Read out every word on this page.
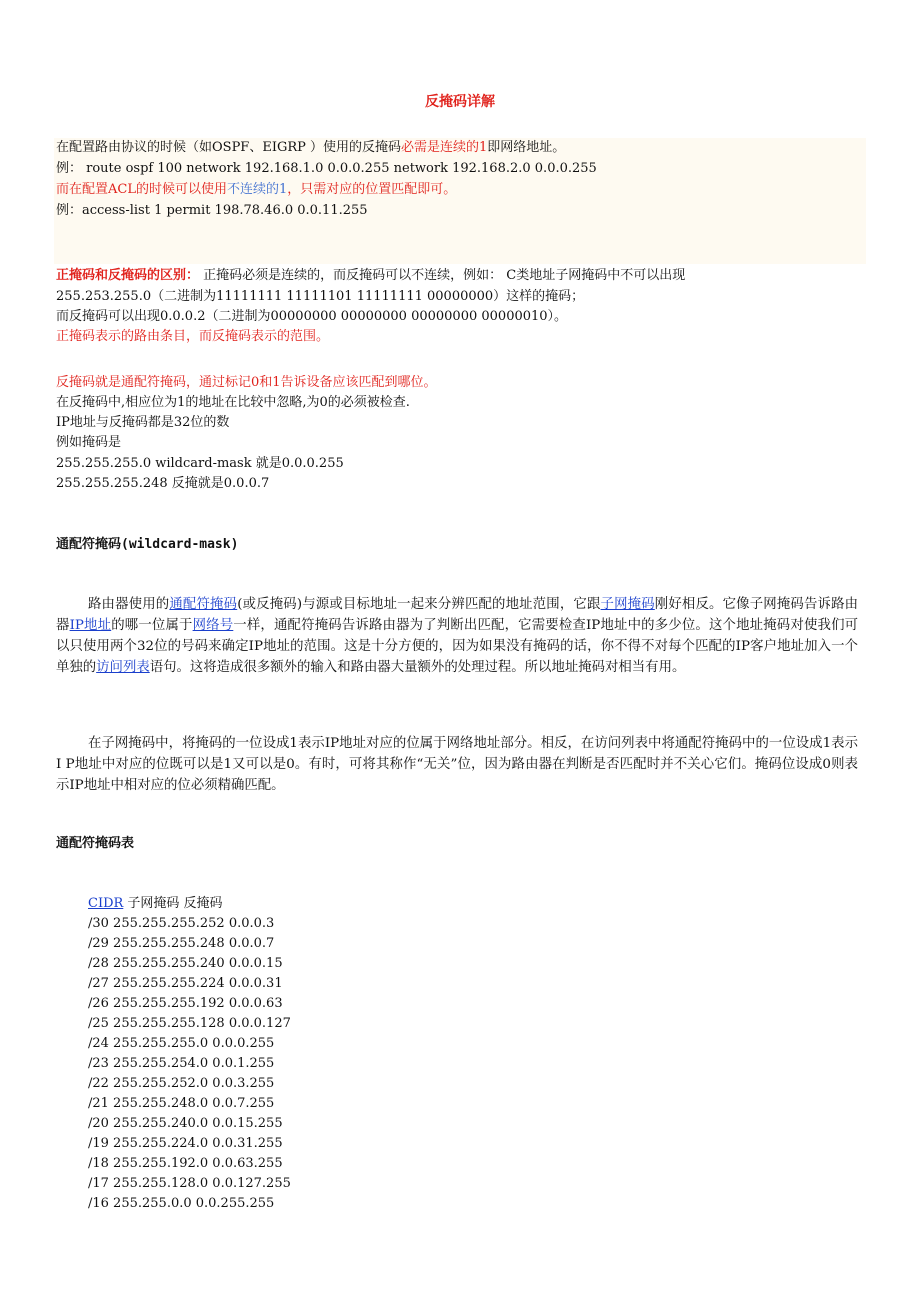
反掩码详解
在配置路由协议的时候（如OSPF、EIGRP ）使用的反掩码必需是连续的1即网络地址。
例： route ospf 100 network 192.168.1.0 0.0.0.255 network 192.168.2.0 0.0.0.255
而在配置ACL的时候可以使用不连续的1，只需对应的位置匹配即可。
例：access-list 1 permit 198.78.46.0 0.0.11.255
正掩码和反掩码的区别： 正掩码必须是连续的，而反掩码可以不连续，例如： C类地址子网掩码中不可以出现
255.253.255.0（二进制为11111111 11111101 11111111 00000000）这样的掩码；
而反掩码可以出现0.0.0.2（二进制为00000000 00000000 00000000 00000010）。
正掩码表示的路由条目，而反掩码表示的范围。
反掩码就是通配符掩码，通过标记0和1告诉设备应该匹配到哪位。
在反掩码中,相应位为1的地址在比较中忽略,为0的必须被检查.
IP地址与反掩码都是32位的数
例如掩码是
255.255.255.0 wildcard-mask 就是0.0.0.255
255.255.255.248 反掩就是0.0.0.7
通配符掩码(wildcard-mask)
路由器使用的通配符掩码(或反掩码)与源或目标地址一起来分辨匹配的地址范围，它跟子网掩码刚好相反。它像子网掩码告诉路由器IP地址的哪一位属于网络号一样，通配符掩码告诉路由器为了判断出匹配，它需要检查IP地址中的多少位。这个地址掩码对使我们可以只使用两个32位的号码来确定IP地址的范围。这是十分方便的，因为如果没有掩码的话，你不得不对每个匹配的IP客户地址加入一个单独的访问列表语句。这将造成很多额外的输入和路由器大量额外的处理过程。所以地址掩码对相当有用。
在子网掩码中，将掩码的一位设成1表示IP地址对应的位属于网络地址部分。相反，在访问列表中将通配符掩码中的一位设成1表示I P地址中对应的位既可以是1又可以是0。有时，可将其称作“无关”位，因为路由器在判断是否匹配时并不关心它们。掩码位设成0则表示IP地址中相对应的位必须精确匹配。
通配符掩码表
CIDR 子网掩码 反掩码
/30 255.255.255.252 0.0.0.3
/29 255.255.255.248 0.0.0.7
/28 255.255.255.240 0.0.0.15
/27 255.255.255.224 0.0.0.31
/26 255.255.255.192 0.0.0.63
/25 255.255.255.128 0.0.0.127
/24 255.255.255.0 0.0.0.255
/23 255.255.254.0 0.0.1.255
/22 255.255.252.0 0.0.3.255
/21 255.255.248.0 0.0.7.255
/20 255.255.240.0 0.0.15.255
/19 255.255.224.0 0.0.31.255
/18 255.255.192.0 0.0.63.255
/17 255.255.128.0 0.0.127.255
/16 255.255.0.0 0.0.255.255
